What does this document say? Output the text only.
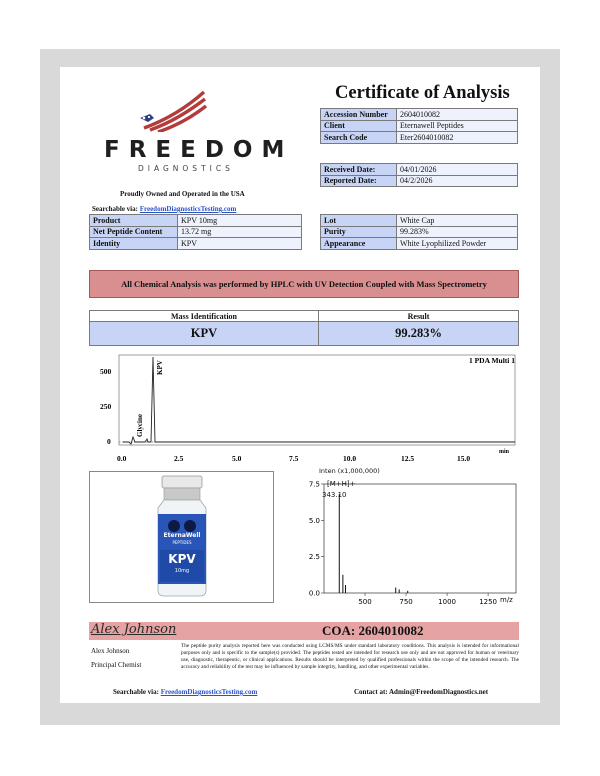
FREEDOM
DIAGNOSTICS
Proudly Owned and Operated in the USA
Searchable via: FreedomDiagnosticsTesting.com
Certificate of Analysis
Accession Number	2604010082
Client	Eternawell Peptides
Search Code	Eter2604010082
Received Date:	04/01/2026
Reported Date:	04/2/2026
Product	KPV 10mg
Net Peptide Content	13.72 mg
Identity	KPV
Lot	White Cap
Purity	99.283%
Appearance	White Lyophilized Powder
All Chemical Analysis was performed by HPLC with UV Detection Coupled with Mass Spectrometry
Mass Identification	Result
KPV	99.283%
KPV
Glycine
1 PDA Multi 1
500
250
0
0.0	2.5	5.0	7.5	10.0	12.5	15.0
min
EternaWell
PEPTIDES
KPV
10mg
7.5
5.0
2.5
0.0
500	750	1000	1250
Inten (x1,000,000)
[M+H]+
343.10
m/z
Alex Johnson	COA: 2604010082
Alex Johnson
Principal Chemist
The peptide purity analysis reported here was conducted using LCMS/MS under standard laboratory conditions. This analysis is intended for informational purposes only and is specific to the sample(s) provided. The peptides tested are intended for research use only and are not approved for human or veterinary use, diagnostic, therapeutic, or clinical applications. Results should be interpreted by qualified professionals within the scope of the intended research. The accuracy and reliability of the test may be influenced by sample integrity, handling, and other experimental variables.
Searchable via: FreedomDiagnosticsTesting.com	Contact at: Admin@FreedomDiagnostics.net
